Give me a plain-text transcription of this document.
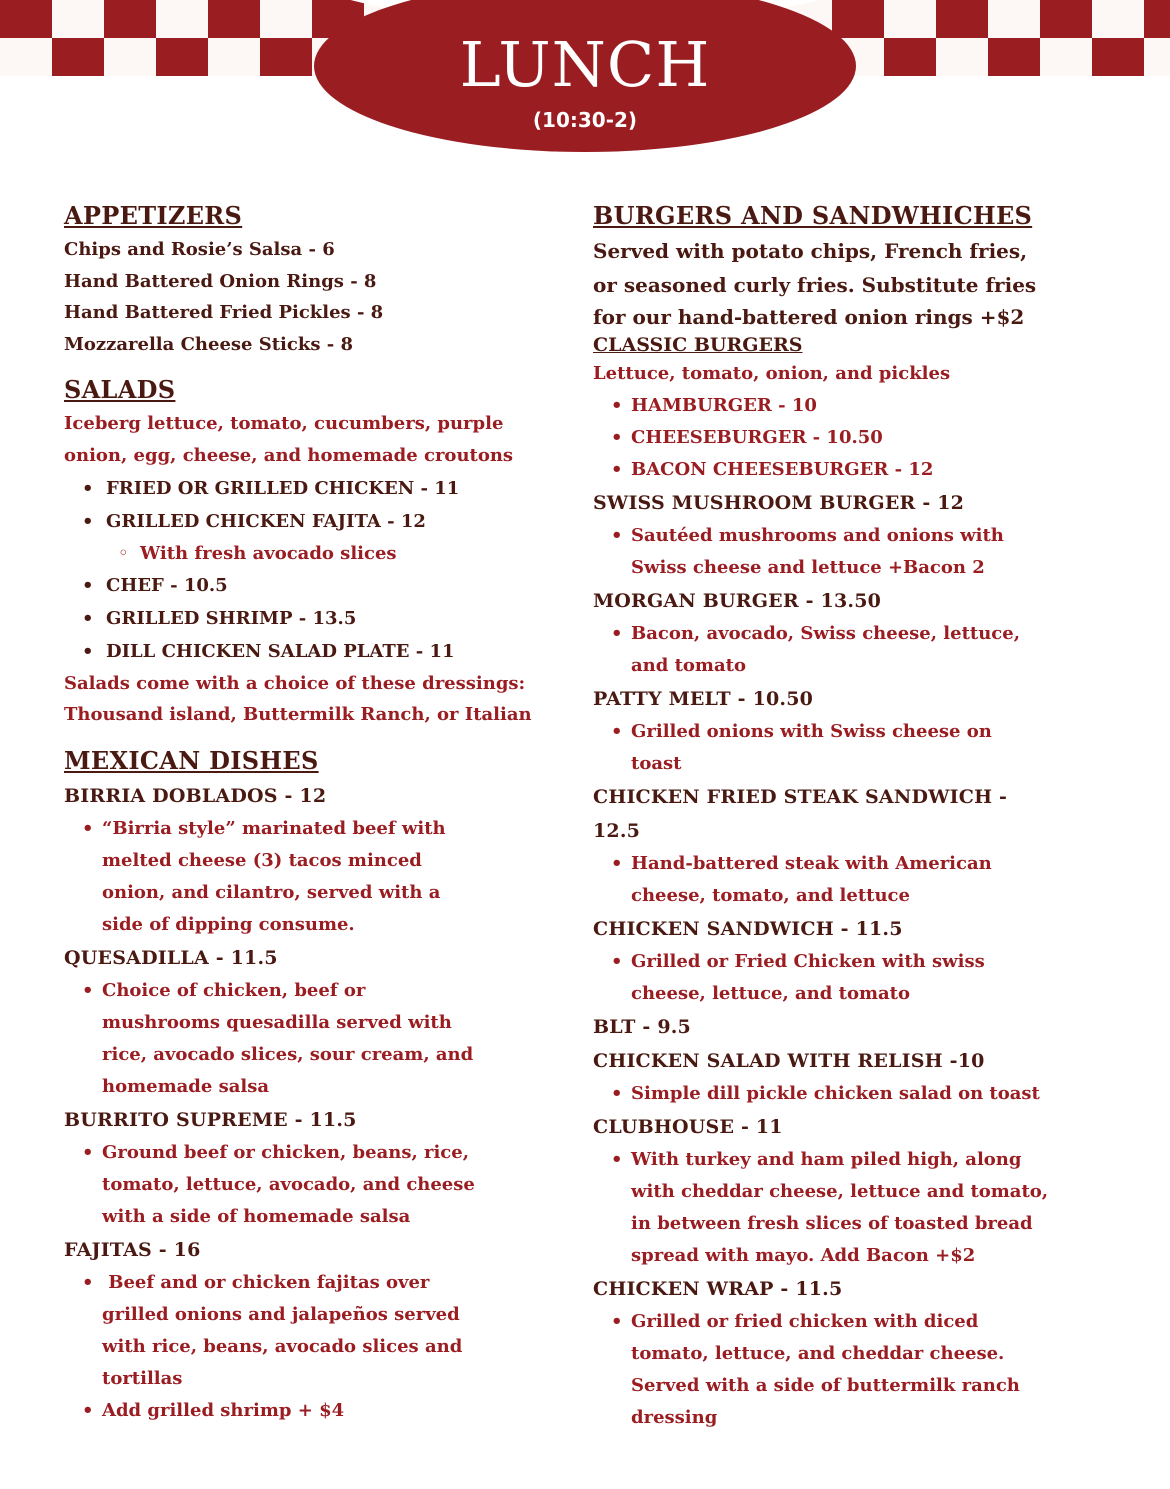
LUNCH
(10:30-2)
APPETIZERS
Chips and Rosie’s Salsa - 6
Hand Battered Onion Rings - 8
Hand Battered Fried Pickles - 8
Mozzarella Cheese Sticks - 8
SALADS
Iceberg lettuce, tomato, cucumbers, purple
onion, egg, cheese, and homemade croutons
• FRIED OR GRILLED CHICKEN - 11
• GRILLED CHICKEN FAJITA - 12
◦ With fresh avocado slices
• CHEF - 10.5
• GRILLED SHRIMP - 13.5
• DILL CHICKEN SALAD PLATE - 11
Salads come with a choice of these dressings:
Thousand island, Buttermilk Ranch, or Italian
MEXICAN DISHES
BIRRIA DOBLADOS - 12
• “Birria style” marinated beef with
melted cheese (3) tacos minced
onion, and cilantro, served with a
side of dipping consume.
QUESADILLA - 11.5
• Choice of chicken, beef or
mushrooms quesadilla served with
rice, avocado slices, sour cream, and
homemade salsa
BURRITO SUPREME - 11.5
• Ground beef or chicken, beans, rice,
tomato, lettuce, avocado, and cheese
with a side of homemade salsa
FAJITAS - 16
•  Beef and or chicken fajitas over
grilled onions and jalapeños served
with rice, beans, avocado slices and
tortillas
• Add grilled shrimp + $4
BURGERS AND SANDWHICHES
Served with potato chips, French fries,
or seasoned curly fries. Substitute fries
for our hand-battered onion rings +$2
CLASSIC BURGERS
Lettuce, tomato, onion, and pickles
• HAMBURGER - 10
• CHEESEBURGER - 10.50
• BACON CHEESEBURGER - 12
SWISS MUSHROOM BURGER - 12
• Sautéed mushrooms and onions with
Swiss cheese and lettuce +Bacon 2
MORGAN BURGER - 13.50
• Bacon, avocado, Swiss cheese, lettuce,
and tomato
PATTY MELT - 10.50
• Grilled onions with Swiss cheese on
toast
CHICKEN FRIED STEAK SANDWICH -
12.5
• Hand-battered steak with American
cheese, tomato, and lettuce
CHICKEN SANDWICH - 11.5
• Grilled or Fried Chicken with swiss
cheese, lettuce, and tomato
BLT - 9.5
CHICKEN SALAD WITH RELISH -10
• Simple dill pickle chicken salad on toast
CLUBHOUSE - 11
• With turkey and ham piled high, along
with cheddar cheese, lettuce and tomato,
in between fresh slices of toasted bread
spread with mayo. Add Bacon +$2
CHICKEN WRAP - 11.5
• Grilled or fried chicken with diced
tomato, lettuce, and cheddar cheese.
Served with a side of buttermilk ranch
dressing
